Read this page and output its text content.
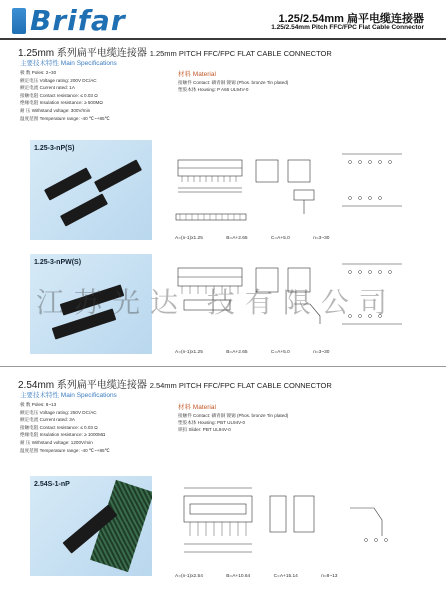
Brifar	1.25/2.54mm 扁平电缆连接器
1.25/2.54mm Pitch FFC/FPC Flat Cable Connector
1.25mm 系列扁平电缆连接器 1.25mm PITCH FFC/FPC FLAT CABLE CONNECTOR
主要技术特性 Main Specifications
极 数 Poles: 2~30
额定电压 Voltage rating: 200V DC/AC
额定电流 Current rated: 1A
接触电阻 Contact resistance: ≤ 0.03 Ω
绝缘电阻 Insulation resistance: ≥ 500MΩ
耐 压 Withstand voltage: 300V/min
温度范围 Temperature range: -40 ℃~+85℃
材料 Material
接触件 Contact: 磷青铜 镀锡 (Phos. bronze Tin plated)
塑胶本体 Housing: P A66 UL94V-0
1.25-3-nP(S)
A=(n-1)x1.25	B=A+2.65	C=A+5.0	n=3~30
1.25-3-nPW(S)
A=(n-1)x1.25	B=A+2.65	C=A+5.0	n=3~30
江苏光达 技有限公司
2.54mm 系列扁平电缆连接器 2.54mm PITCH FFC/FPC FLAT CABLE CONNECTOR
主要技术特性 Main Specifications
极 数 Poles: 8~13
额定电压 Voltage rating: 250V DC/AC
额定电流 Current rated: 3A
接触电阻 Contact resistance: ≤ 0.03 Ω
绝缘电阻 Insulation resistance: ≥ 1000MΩ
耐 压 Withstand voltage: 1200V/min
温度范围 Temperature range: -40 ℃~+85℃
材料 Material
接触件 Contact: 磷青铜 镀锡 (Phos. bronze Tin plated)
塑胶本体 Housing: PBT UL94V-0
锁扣 Slider: PBT UL94V-0
2.54S-1-nP
A=(n-1)x2.54	B=A+10.64	C=A+15.14	n=8~13
